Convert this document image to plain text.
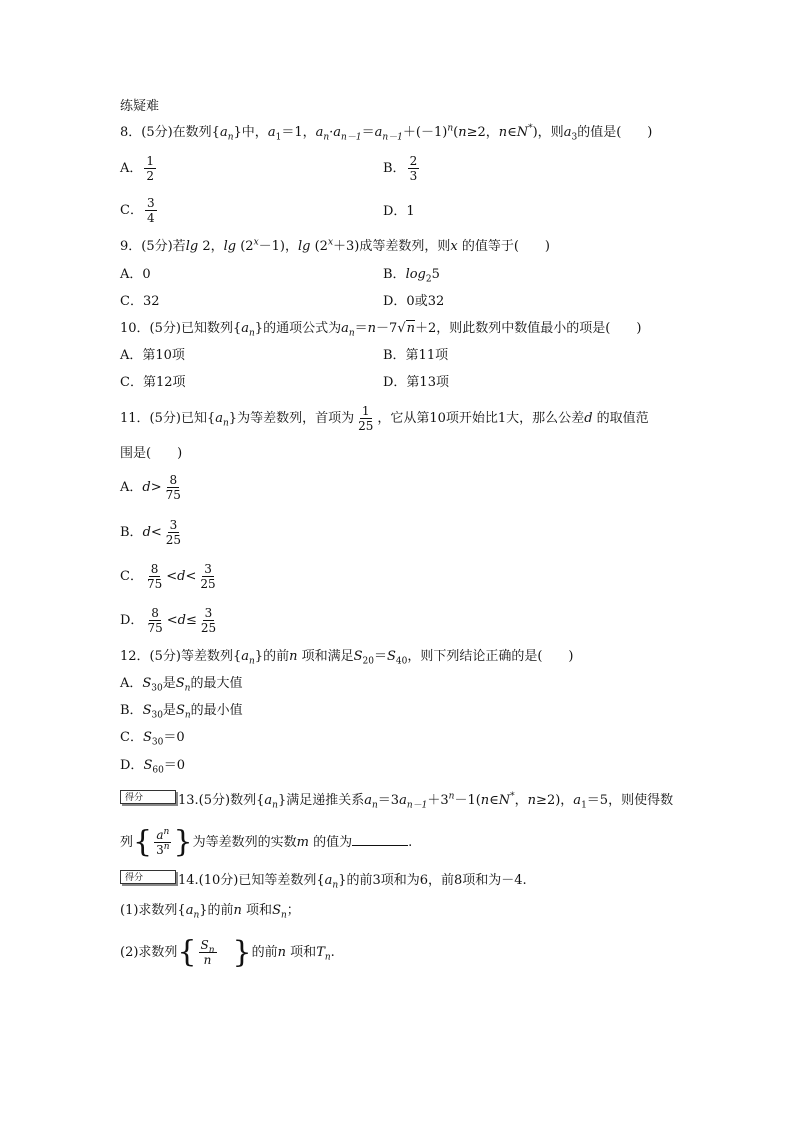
练疑难
8．(5分)在数列$\{a_n\}$中，$a_1=1$，$a_n\cdot a_{n-1}=a_{n-1}+(-1)^n(n\ge 2$，n∈N*)，则$a_3$的值是(　　)
A． $\frac{1}{2}$	B． $\frac{2}{3}$
C． $\frac{3}{4}$	D．1
9．(5分)若lg 2，$\lg (2^x-1)$，$\lg (2^x+3)$成等差数列，则x 的值等于(　　)
A．0	B．$\log_25$
C．32	D．0或32
10．(5分)已知数列$\{a_n\}$的通项公式为$a_n=n-7√n+2$，则此数列中数值最小的项是(　　)
A．第10项	B．第11项
C．第12项	D．第13项
11．(5分)已知$\{a_n\}$为等差数列，首项为 $\frac{1}{25}$ ，它从第10项开始比1大，那么公差d 的取值范
围是(　　)
A．$d> \frac{8}{75}$
B．$d< \frac{3}{25}$
C． $\frac{8}{75} <d< \frac{3}{25}$
D． $\frac{8}{75} <d\le \frac{3}{25}$
12．(5分)等差数列$\{a_n\}$的前n 项和满足$S_{20}=S_{40}$，则下列结论正确的是(　　)
A．$S_{30}$是$S_n$的最大值
B．$S_{30}$是$S_n$的最小值
C．$S_{30}=0$
D．$S_{60}=0$
得分	13.(5分)数列$\{a_n\}$满足递推关系$a_n=3a_{n-1}+3^n-1(n\in N^*$，n≥2)，$a_1=5$，则使得数
列{ $\frac{a^n}{3^n}$ }为等差数列的实数m 的值为	.
得分	14.(10分)已知等差数列$\{a_n\}$的前3项和为6，前8项和为－4.
(1)求数列$\{a_n\}$的前n 项和$S_n$；
(2)求数列{ $\frac{S_n}{n}$ }的前n 项和$T_n$.
